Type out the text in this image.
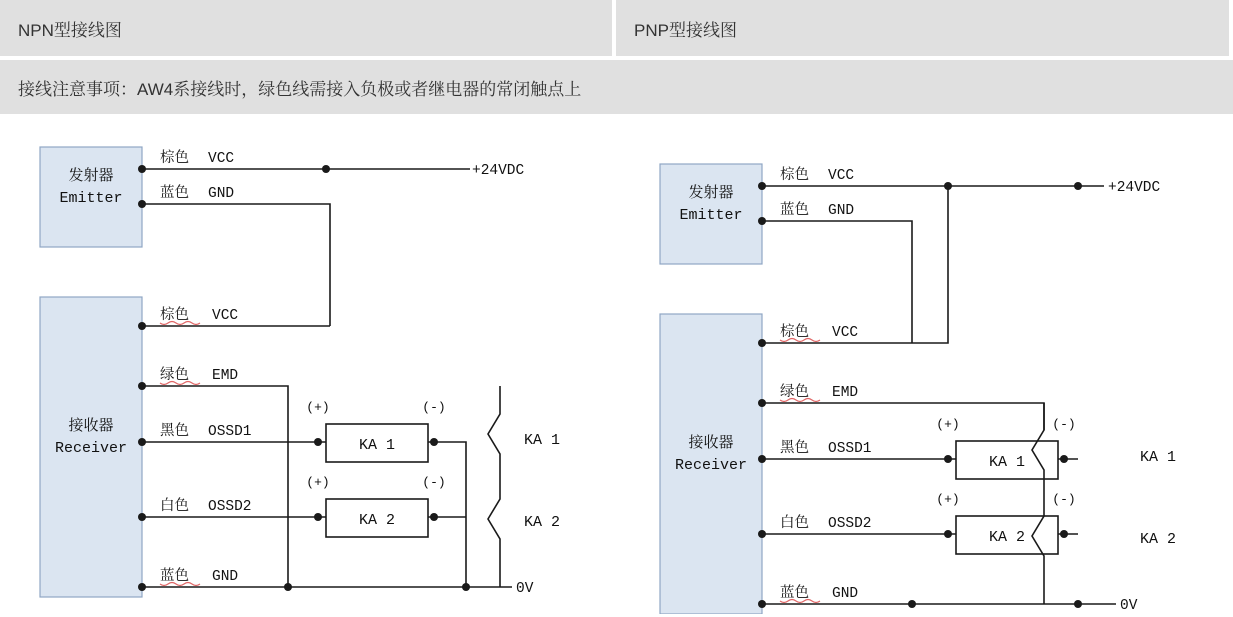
NPN型接线图	PNP型接线图
接线注意事项：AW4系接线时，绿色线需接入负极或者继电器的常闭触点上
发射器
Emitter
接收器
Receiver
棕色 VCC
+24VDC
蓝色 GND
棕色 VCC
绿色 EMD
黑色 OSSD1
KA 1
(+)	(-)
白色 OSSD2
KA 2
(+)	(-)
蓝色 GND
0V
KA 1
KA 2
发射器
Emitter
接收器
Receiver
棕色 VCC
+24VDC
蓝色 GND
棕色 VCC
绿色 EMD
黑色 OSSD1
KA 1
(+)	(-)
白色 OSSD2
KA 2
(+)	(-)
蓝色 GND
0V
KA 1
KA 2
